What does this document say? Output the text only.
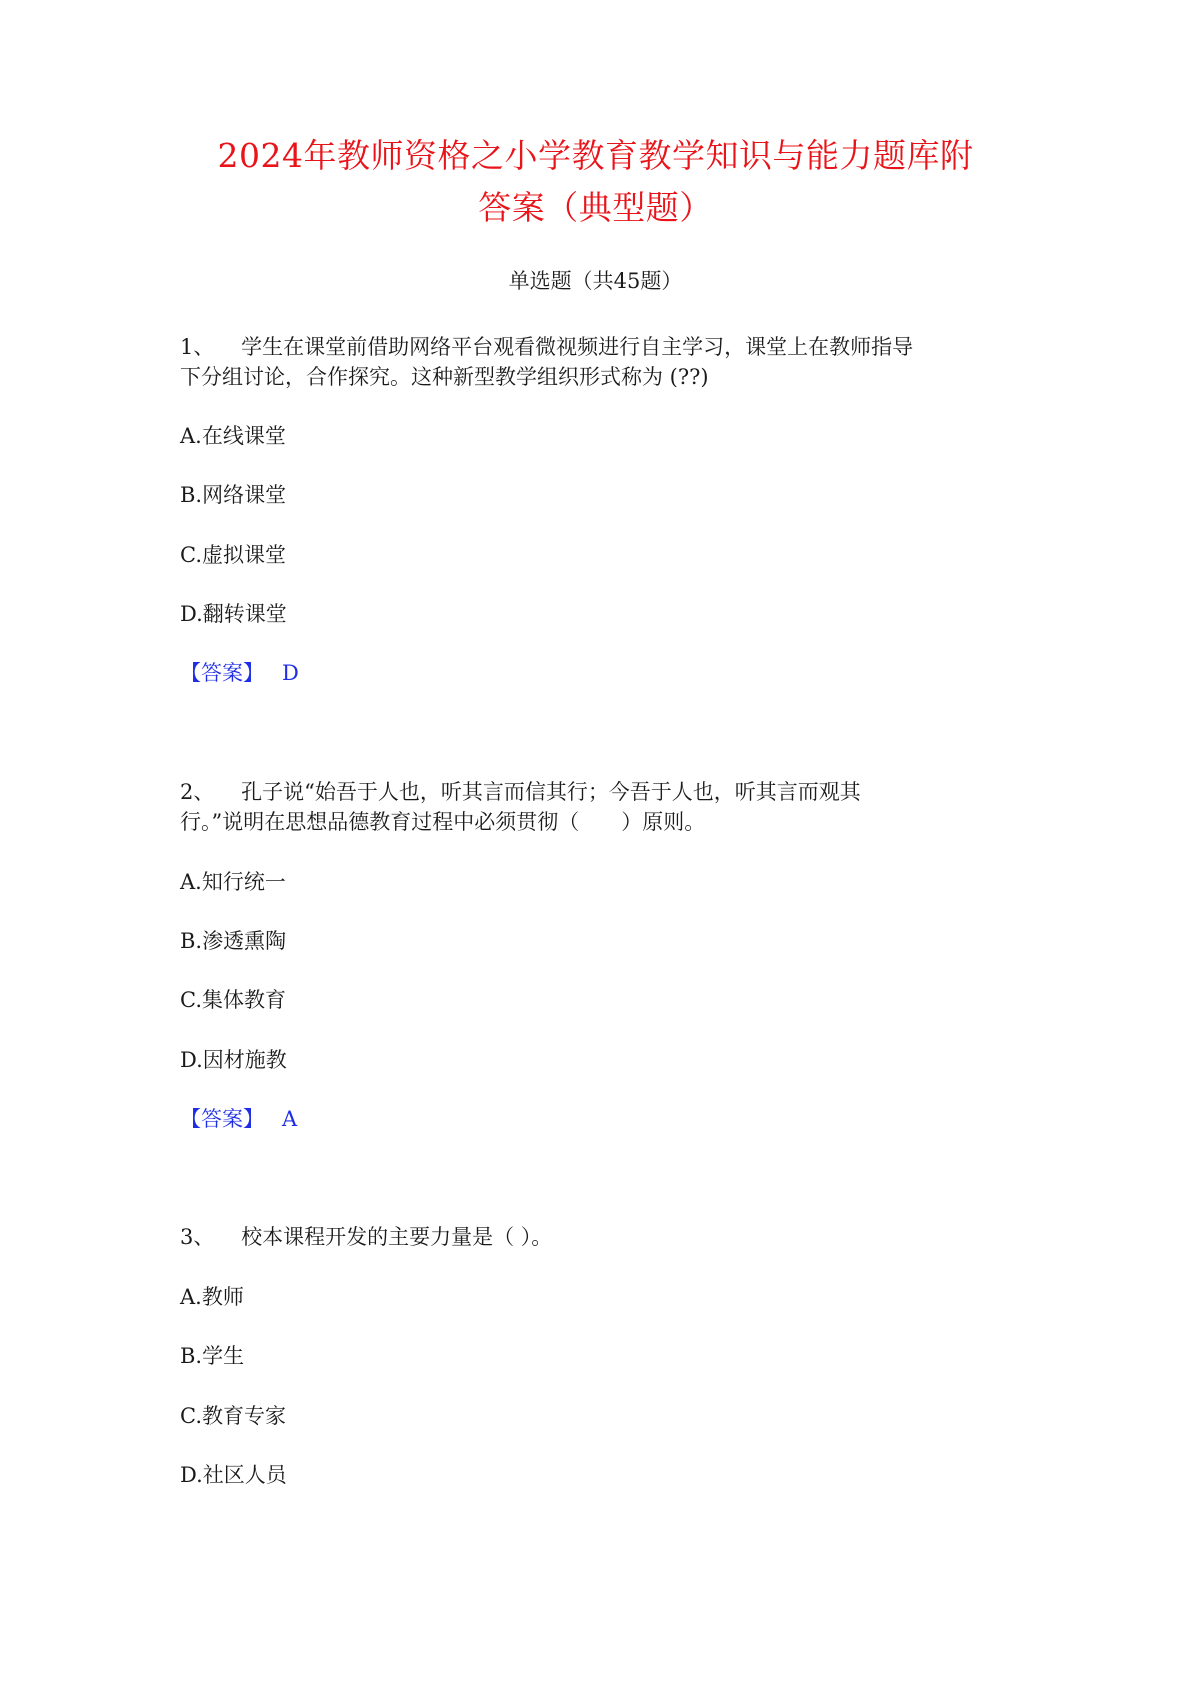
2024年教师资格之小学教育教学知识与能力题库附
答案（典型题）
单选题（共45题）
1、 学生在课堂前借助网络平台观看微视频进行自主学习，课堂上在教师指导
下分组讨论，合作探究。这种新型教学组织形式称为 (??)
A.在线课堂
B.网络课堂
C.虚拟课堂
D.翻转课堂
【答案】 D
2、 孔子说“始吾于人也，听其言而信其行；今吾于人也，听其言而观其
行。”说明在思想品德教育过程中必须贯彻（　　）原则。
A.知行统一
B.渗透熏陶
C.集体教育
D.因材施教
【答案】 A
3、 校本课程开发的主要力量是（ ）。
A.教师
B.学生
C.教育专家
D.社区人员
